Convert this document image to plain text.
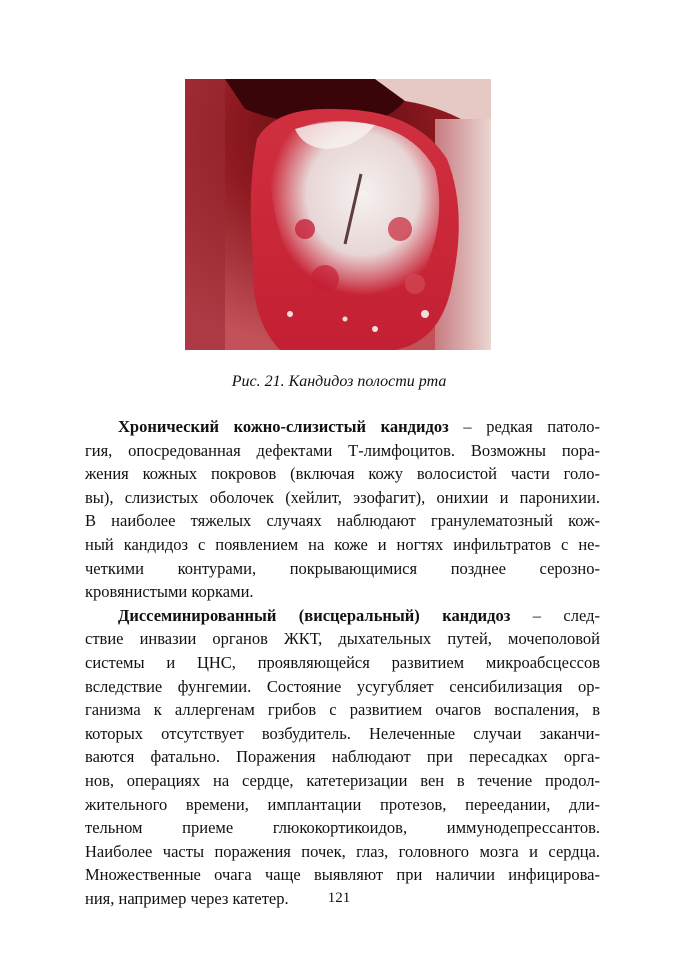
Рис. 21. Кандидоз полости рта
Хронический кожно-слизистый кандидоз – редкая патоло-
гия, опосредованная дефектами Т-лимфоцитов. Возможны пора-
жения кожных покровов (включая кожу волосистой части голо-
вы), слизистых оболочек (хейлит, эзофагит), онихии и паронихии.
В наиболее тяжелых случаях наблюдают гранулематозный кож-
ный кандидоз с появлением на коже и ногтях инфильтратов с не-
четкими контурами, покрывающимися позднее серозно-
кровянистыми корками.
Диссеминированный (висцеральный) кандидоз – след-
ствие инвазии органов ЖКТ, дыхательных путей, мочеполовой
системы и ЦНС, проявляющейся развитием микроабсцессов
вследствие фунгемии. Состояние усугубляет сенсибилизация ор-
ганизма к аллергенам грибов с развитием очагов воспаления, в
которых отсутствует возбудитель. Нелеченные случаи заканчи-
ваются фатально. Поражения наблюдают при пересадках орга-
нов, операциях на сердце, катетеризации вен в течение продол-
жительного времени, имплантации протезов, переедании, дли-
тельном приеме глюкокортикоидов, иммунодепрессантов.
Наиболее часты поражения почек, глаз, головного мозга и сердца.
Множественные очага чаще выявляют при наличии инфицирова-
ния, например через катетер.	121
